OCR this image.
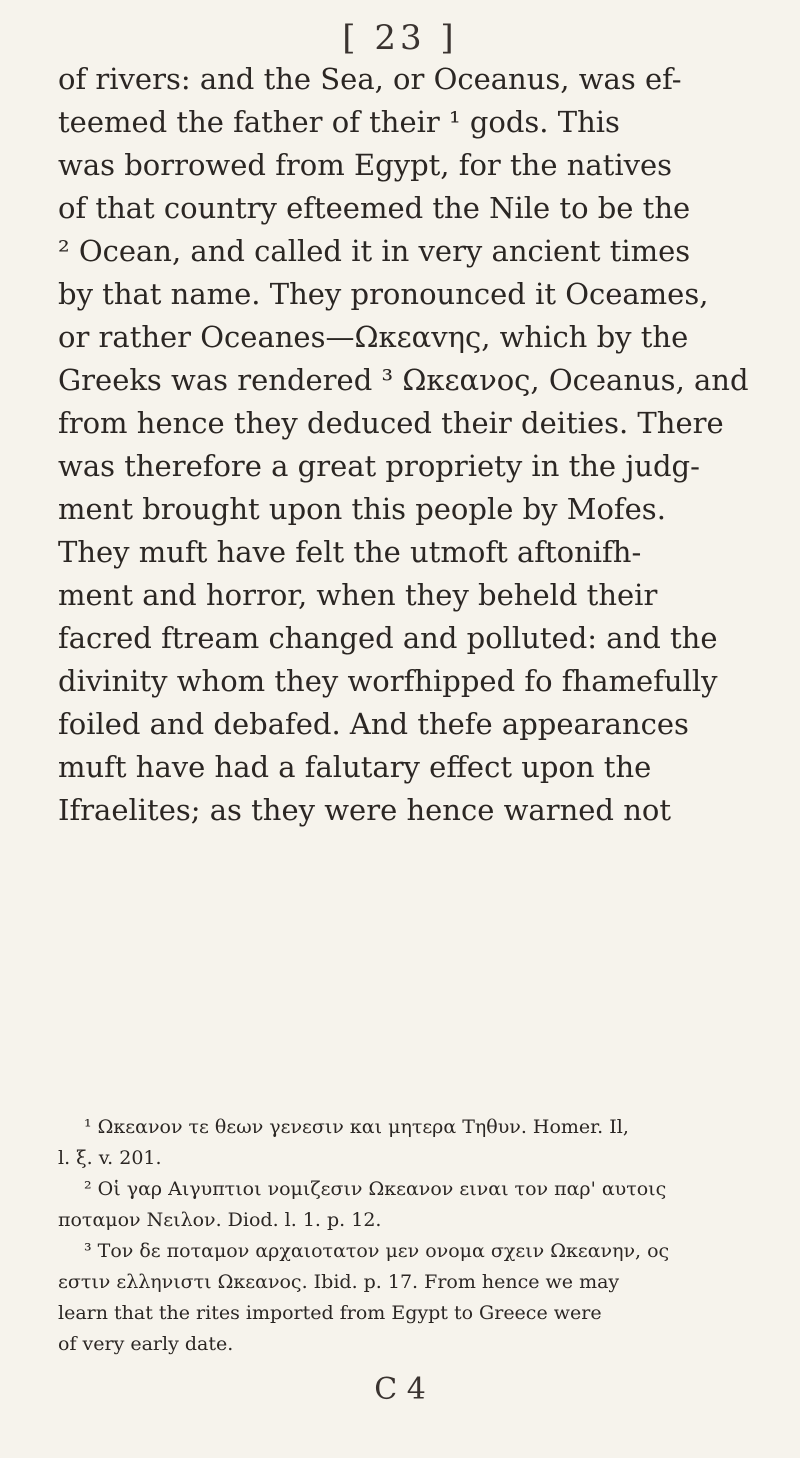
[ 23 ]
of rivers: and the Sea, or Oceanus, was ef-
teemed the father of their ¹ gods. This
was borrowed from Egypt, for the natives
of that country efteemed the Nile to be the
² Ocean, and called it in very ancient times
by that name. They pronounced it Oceames,
or rather Oceanes—Ωκεαvης, which by the
Greeks was rendered ³ Ωκεανος, Oceanus, and
from hence they deduced their deities. There
was therefore a great propriety in the judg-
ment brought upon this people by Mofes.
They muft have felt the utmoft aftonifh-
ment and horror, when they beheld their
facred ftream changed and polluted: and the
divinity whom they worfhipped fo fhamefully
foiled and debafed. And thefe appearances
muft have had a falutary effect upon the
Ifraelites; as they were hence warned not
¹ Ωκεανον τε θεων γενεσιν και μητερα Τηθυν. Homer. Il,
l. ξ. v. 201.
² Οἱ γαρ Αιγυπτιοι νομιζεσιν Ωκεανον ειναι τον παρ' αυτοις
ποταμον Νειλον. Diod. l. 1. p. 12.
³ Τον δε ποταμον αρχαιοτατον μεν ονομα σχειν Ωκεανην, ος
εστιν ελληνιστι Ωκεανος. Ibid. p. 17. From hence we may
learn that the rites imported from Egypt to Greece were
of very early date.
C 4
